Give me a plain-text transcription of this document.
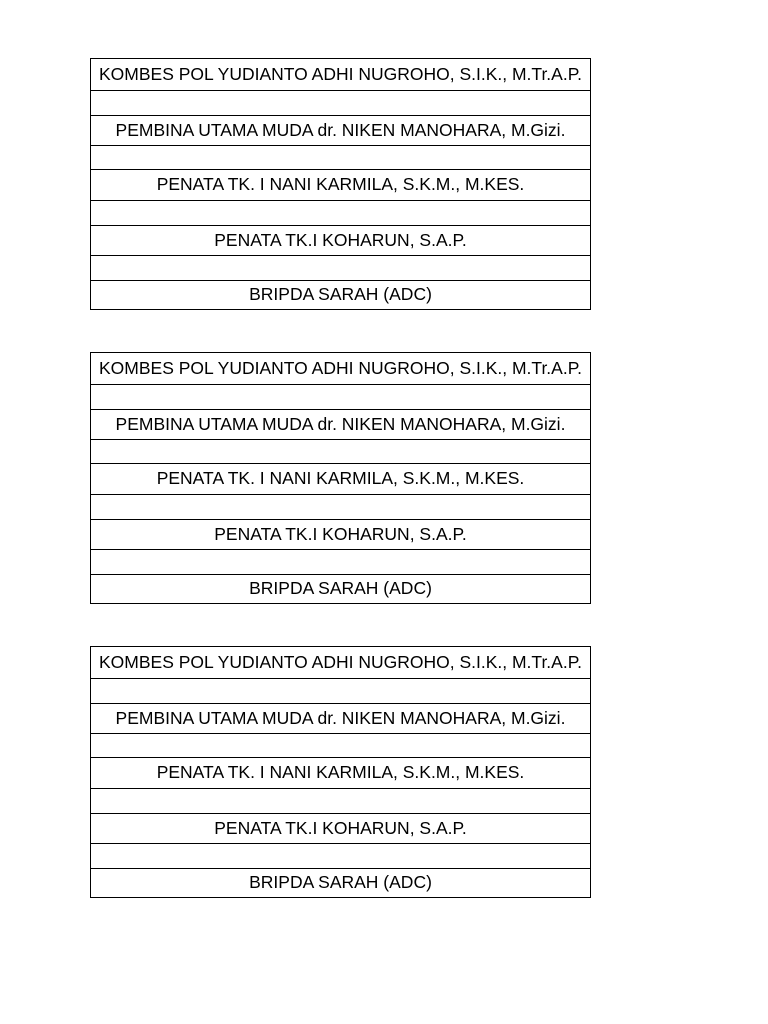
KOMBES POL YUDIANTO ADHI NUGROHO, S.I.K., M.Tr.A.P.

PEMBINA UTAMA MUDA dr. NIKEN MANOHARA, M.Gizi.

PENATA TK. I NANI KARMILA, S.K.M., M.KES.

PENATA TK.I KOHARUN, S.A.P.

BRIPDA SARAH (ADC)
KOMBES POL YUDIANTO ADHI NUGROHO, S.I.K., M.Tr.A.P.

PEMBINA UTAMA MUDA dr. NIKEN MANOHARA, M.Gizi.

PENATA TK. I NANI KARMILA, S.K.M., M.KES.

PENATA TK.I KOHARUN, S.A.P.

BRIPDA SARAH (ADC)
KOMBES POL YUDIANTO ADHI NUGROHO, S.I.K., M.Tr.A.P.

PEMBINA UTAMA MUDA dr. NIKEN MANOHARA, M.Gizi.

PENATA TK. I NANI KARMILA, S.K.M., M.KES.

PENATA TK.I KOHARUN, S.A.P.

BRIPDA SARAH (ADC)
